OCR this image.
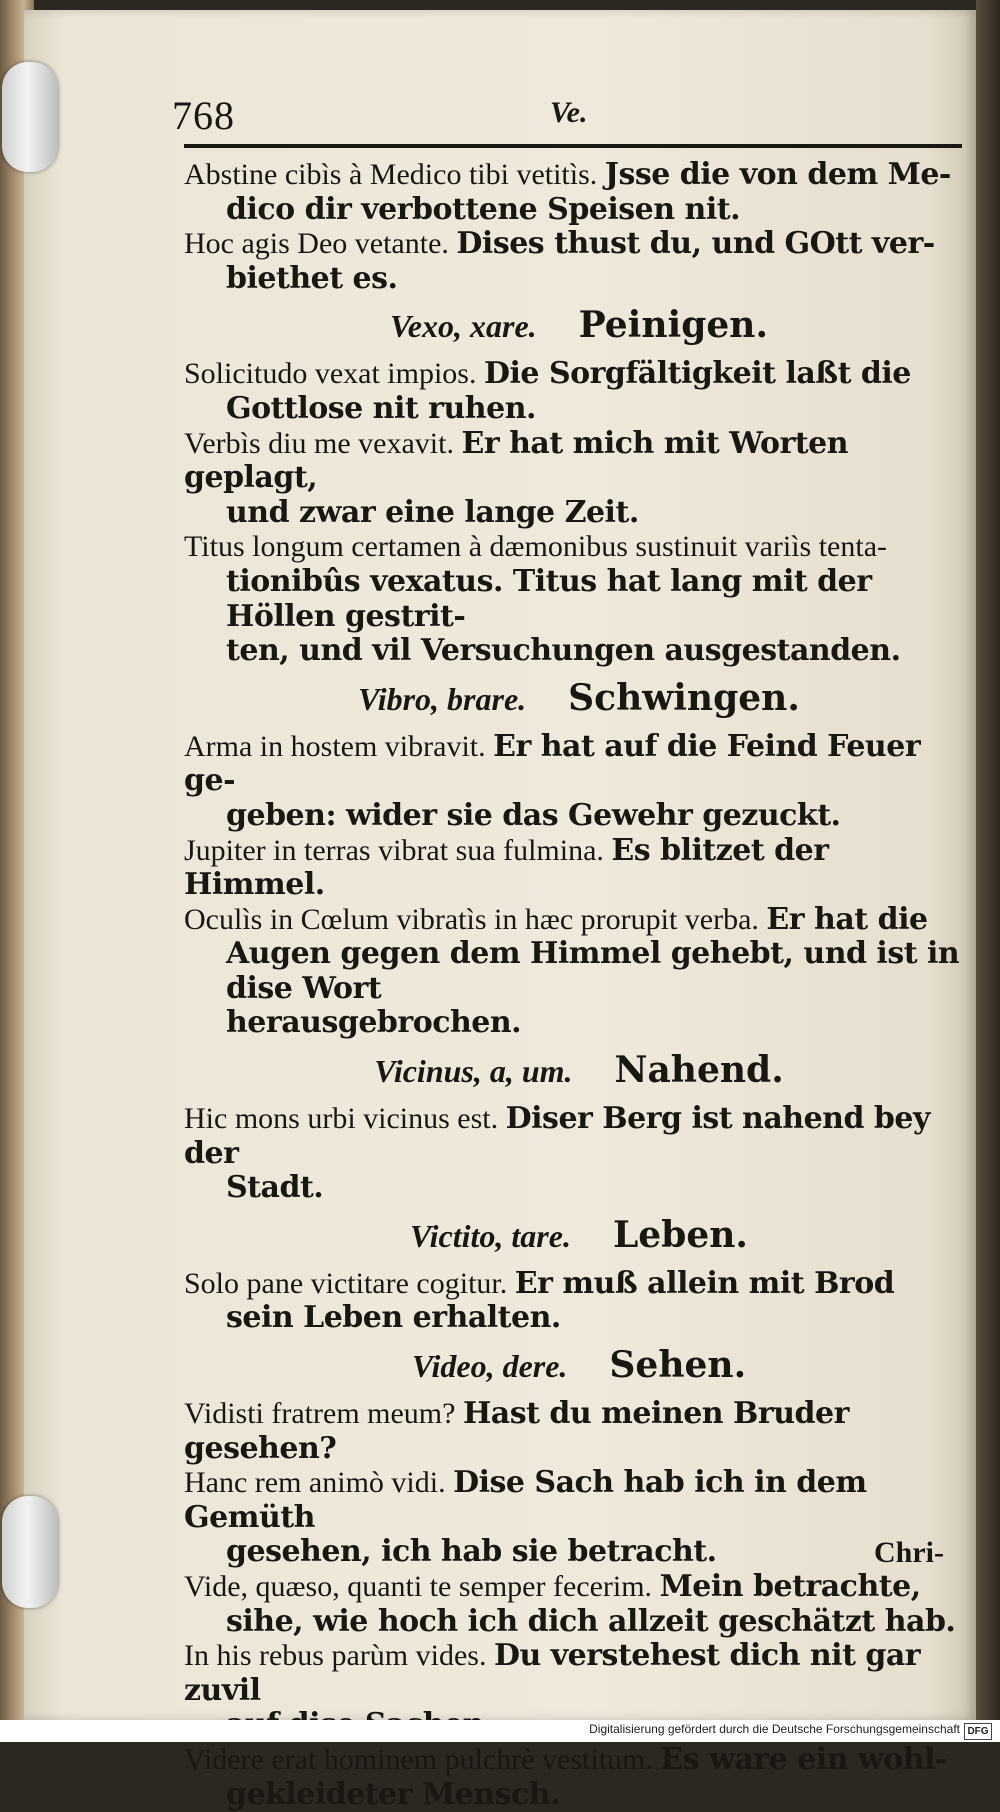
768	Ve.
Abstine cibìs à Medico tibi vetitìs. Jsse die von dem Me-
dico dir verbottene Speisen nit.
Hoc agis Deo vetante. Dises thust du, und GOtt ver-
biethet es.
Vexo, xare. Peinigen.
Solicitudo vexat impios. Die Sorgfältigkeit laßt die
Gottlose nit ruhen.
Verbìs diu me vexavit. Er hat mich mit Worten geplagt,
und zwar eine lange Zeit.
Titus longum certamen à dæmonibus sustinuit variìs tenta-
tionibûs vexatus. Titus hat lang mit der Höllen gestrit-
ten, und vil Versuchungen ausgestanden.
Vibro, brare. Schwingen.
Arma in hostem vibravit. Er hat auf die Feind Feuer ge-
geben: wider sie das Gewehr gezuckt.
Jupiter in terras vibrat sua fulmina. Es blitzet der Himmel.
Oculìs in Cœlum vibratìs in hæc prorupit verba. Er hat die
Augen gegen dem Himmel gehebt, und ist in dise Wort
herausgebrochen.
Vicinus, a, um. Nahend.
Hic mons urbi vicinus est. Diser Berg ist nahend bey der
Stadt.
Victito, tare. Leben.
Solo pane victitare cogitur. Er muß allein mit Brod
sein Leben erhalten.
Video, dere. Sehen.
Vidisti fratrem meum? Hast du meinen Bruder gesehen?
Hanc rem animò vidi. Dise Sach hab ich in dem Gemüth
gesehen, ich hab sie betracht.
Vide, quæso, quanti te semper fecerim. Mein betrachte,
sihe, wie hoch ich dich allzeit geschätzt hab.
In his rebus parùm vides. Du verstehest dich nit gar zuvil
Videre erat hominem pulchrè vestitum. Es ware ein wohl-
gekleideter Mensch.
Chri-
Digitalisierung gefördert durch die Deutsche Forschungsgemeinschaft DFG
